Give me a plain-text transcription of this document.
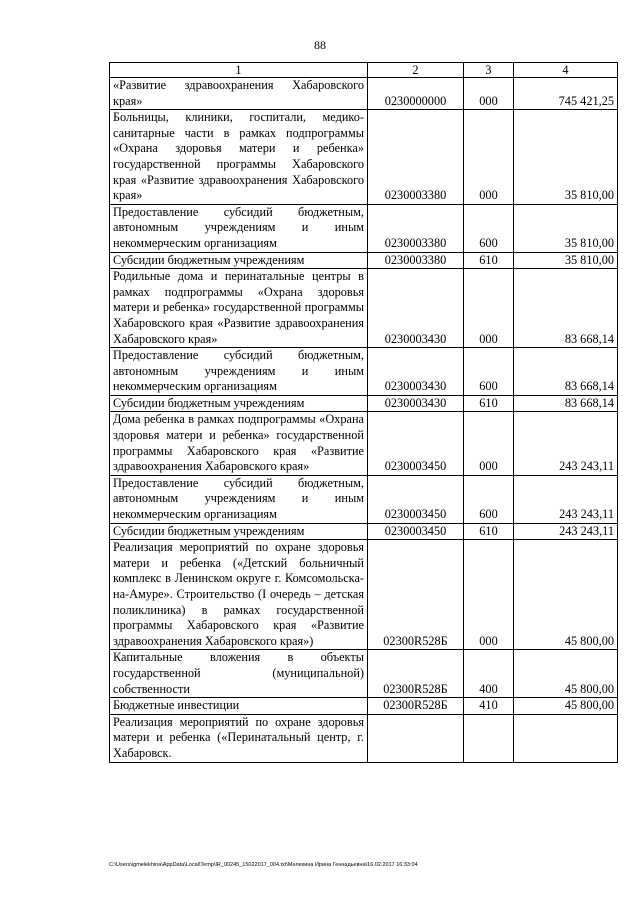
88
1	2	3	4
«Развитие здравоохранения Хабаровского края»	0230000000	000	745 421,25
Больницы, клиники, госпитали, медико-санитарные части в рамках подпрограммы «Охрана здоровья матери и ребенка» государственной программы Хабаровского края «Развитие здравоохранения Хабаровского края»	0230003380	000	35 810,00
Предоставление субсидий бюджетным, автономным учреждениям и иным некоммерческим организациям	0230003380	600	35 810,00
Субсидии бюджетным учреждениям	0230003380	610	35 810,00
Родильные дома и перинатальные центры в рамках подпрограммы «Охрана здоровья матери и ребенка» государственной программы Хабаровского края «Развитие здравоохранения Хабаровского края»	0230003430	000	83 668,14
Предоставление субсидий бюджетным, автономным учреждениям и иным некоммерческим организациям	0230003430	600	83 668,14
Субсидии бюджетным учреждениям	0230003430	610	83 668,14
Дома ребенка в рамках подпрограммы «Охрана здоровья матери и ребенка» государственной программы Хабаровского края «Развитие здравоохранения Хабаровского края»	0230003450	000	243 243,11
Предоставление субсидий бюджетным, автономным учреждениям и иным некоммерческим организациям	0230003450	600	243 243,11
Субсидии бюджетным учреждениям	0230003450	610	243 243,11
Реализация мероприятий по охране здоровья матери и ребенка («Детский больничный комплекс в Ленинском округе г. Комсомольска-на-Амуре». Строительство (I очередь – детская поликлиника) в рамках государственной программы Хабаровского края «Развитие здравоохранения Хабаровского края»)	02300R528Б	000	45 800,00
Капитальные вложения в объекты государственной (муниципальной) собственности	02300R528Б	400	45 800,00
Бюджетные инвестиции	02300R528Б	410	45 800,00
Реализация мероприятий по охране здоровья матери и ребенка («Перинатальный центр, г. Хабаровск.			
C:\Users\igmelekhina\AppData\Local\Temp\IR_00245_15022017_004.txt\Мелехина Ирина Геннадьевна\16.02.2017 16:33:04
